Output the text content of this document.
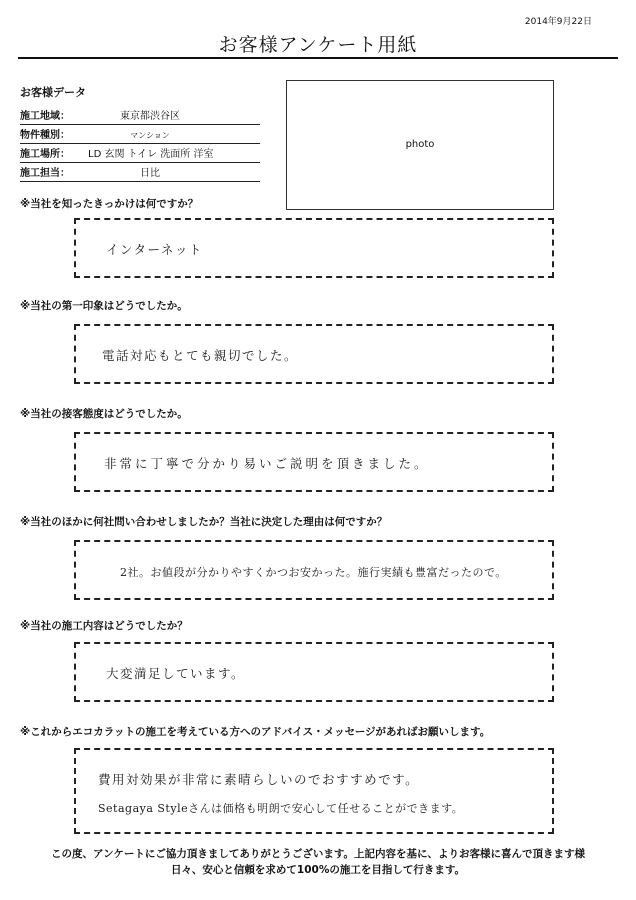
2014年9月22日
お客様アンケート用紙
お客様データ
施工地域：	東京都渋谷区
物件種別：	マンション
施工場所： LD 玄関 トイレ 洗面所 洋室
施工担当：	日比
photo
※当社を知ったきっかけは何ですか？
インターネット
※当社の第一印象はどうでしたか。
電話対応もとても親切でした。
※当社の接客態度はどうでしたか。
非常に丁寧で分かり易いご説明を頂きました。
※当社のほかに何社問い合わせしましたか？当社に決定した理由は何ですか？
2社。お値段が分かりやすくかつお安かった。施行実績も豊富だったので。
※当社の施工内容はどうでしたか？
大変満足しています。
※これからエコカラットの施工を考えている方へのアドバイス・メッセージがあればお願いします。
費用対効果が非常に素晴らしいのでおすすめです。
Setagaya Styleさんは価格も明朗で安心して任せることができます。
この度、アンケートにご協力頂きましてありがとうございます。上記内容を基に、よりお客様に喜んで頂きます様
日々、安心と信頼を求めて100%の施工を目指して行きます。
